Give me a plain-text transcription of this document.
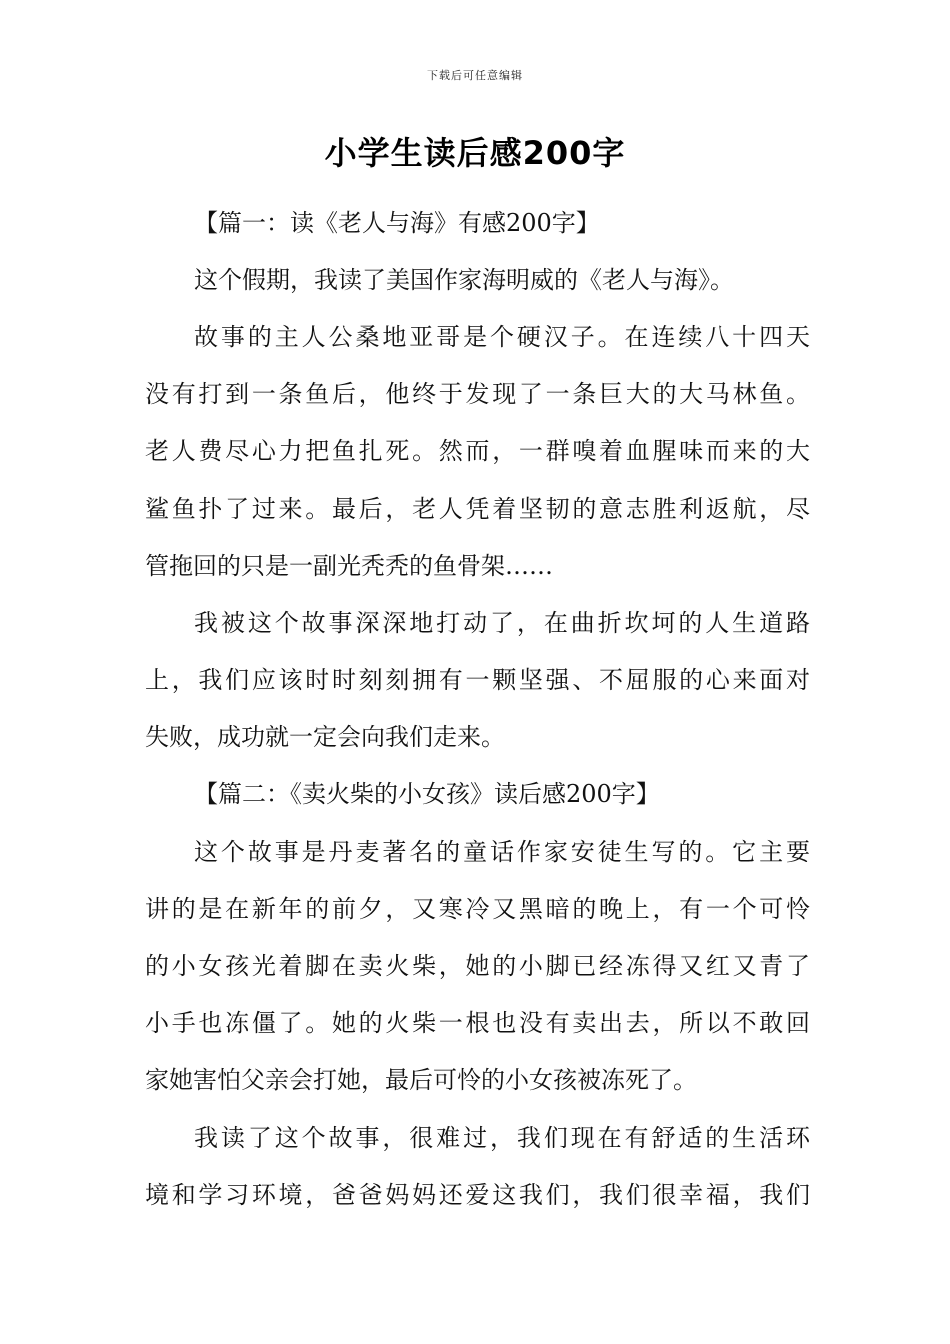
下载后可任意编辑
小学生读后感200字
【篇一：读《老人与海》有感200字】
这个假期，我读了美国作家海明威的《老人与海》。
故事的主人公桑地亚哥是个硬汉子。在连续八十四天
没有打到一条鱼后，他终于发现了一条巨大的大马林鱼。
老人费尽心力把鱼扎死。然而，一群嗅着血腥味而来的大
鲨鱼扑了过来。最后，老人凭着坚韧的意志胜利返航，尽
管拖回的只是一副光秃秃的鱼骨架……
我被这个故事深深地打动了，在曲折坎坷的人生道路
上，我们应该时时刻刻拥有一颗坚强、不屈服的心来面对
失败，成功就一定会向我们走来。
【篇二：《卖火柴的小女孩》读后感200字】
这个故事是丹麦著名的童话作家安徒生写的。它主要
讲的是在新年的前夕，又寒冷又黑暗的晚上，有一个可怜
的小女孩光着脚在卖火柴，她的小脚已经冻得又红又青了
小手也冻僵了。她的火柴一根也没有卖出去，所以不敢回
家她害怕父亲会打她，最后可怜的小女孩被冻死了。
我读了这个故事，很难过，我们现在有舒适的生活环
境和学习环境，爸爸妈妈还爱这我们，我们很幸福，我们
